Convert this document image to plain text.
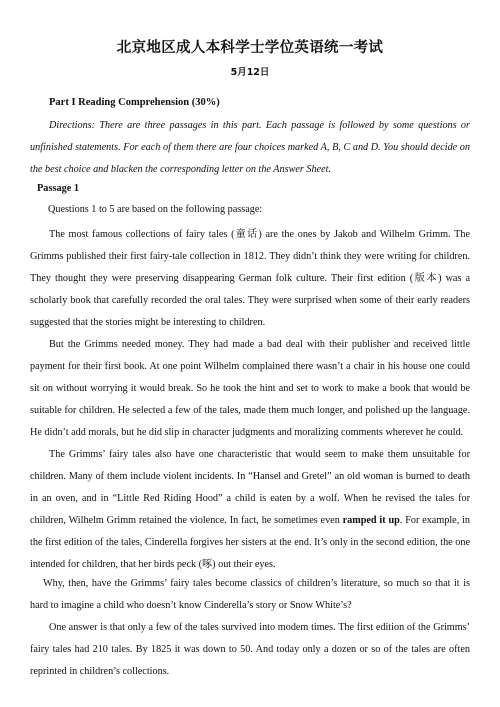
北京地区成人本科学士学位英语统一考试
5月12日
Part I Reading Comprehension (30%)

Directions: There are three passages in this part. Each passage is followed by some questions or unfinished statements. For each of them there are four choices marked A, B, C and D. You should decide on the best choice and blacken the corresponding letter on the Answer Sheet.

Passage 1
Questions 1 to 5 are based on the following passage:

The most famous collections of fairy tales (童话) are the ones by Jakob and Wilhelm Grimm. The Grimms published their first fairy-tale collection in 1812. They didn’t think they were writing for children. They thought they were preserving disappearing German folk culture. Their first edition (版本) was a scholarly book that carefully recorded the oral tales. They were surprised when some of their early readers suggested that the stories might be interesting to children.

But the Grimms needed money. They had made a bad deal with their publisher and received little payment for their first book. At one point Wilhelm complained there wasn’t a chair in his house one could sit on without worrying it would break. So he took the hint and set to work to make a book that would be suitable for children. He selected a few of the tales, made them much longer, and polished up the language. He didn’t add morals, but he did slip in character judgments and moralizing comments wherever he could.

The Grimms’ fairy tales also have one characteristic that would seem to make them unsuitable for children. Many of them include violent incidents. In “Hansel and Gretel” an old woman is burned to death in an oven, and in “Little Red Riding Hood” a child is eaten by a wolf. When he revised the tales for children, Wilhelm Grimm retained the violence. In fact, he sometimes even ramped it up. For example, in the first edition of the tales, Cinderella forgives her sisters at the end. It’s only in the second edition, the one intended for children, that her birds peck (啄) out their eyes.

Why, then, have the Grimms’ fairy tales become classics of children’s literature, so much so that it is hard to imagine a child who doesn’t know Cinderella’s story or Snow White’s?

One answer is that only a few of the tales survived into modem times. The first edition of the Grimms’ fairy tales had 210 tales. By 1825 it was down to 50. And today only a dozen or so of the tales are often reprinted in children’s collections.
